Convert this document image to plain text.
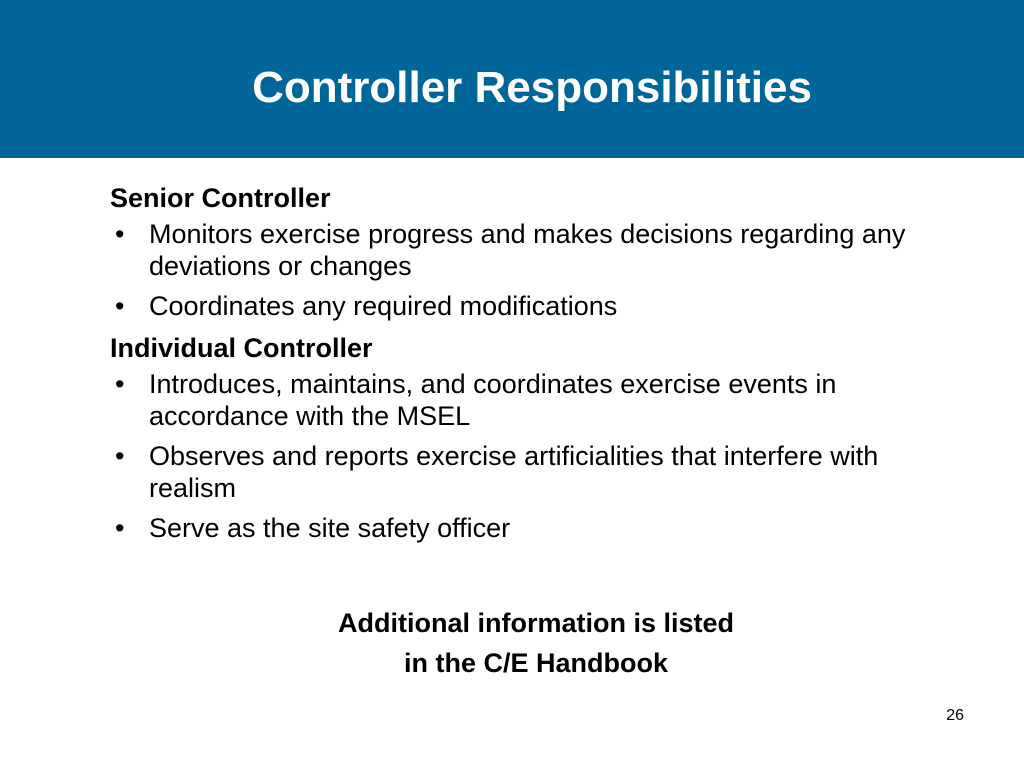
Controller Responsibilities
Senior Controller
• Monitors exercise progress and makes decisions regarding any deviations or changes
• Coordinates any required modifications
Individual Controller
• Introduces, maintains, and coordinates exercise events in accordance with the MSEL
• Observes and reports exercise artificialities that interfere with realism
• Serve as the site safety officer
Additional information is listed
in the C/E Handbook
26
